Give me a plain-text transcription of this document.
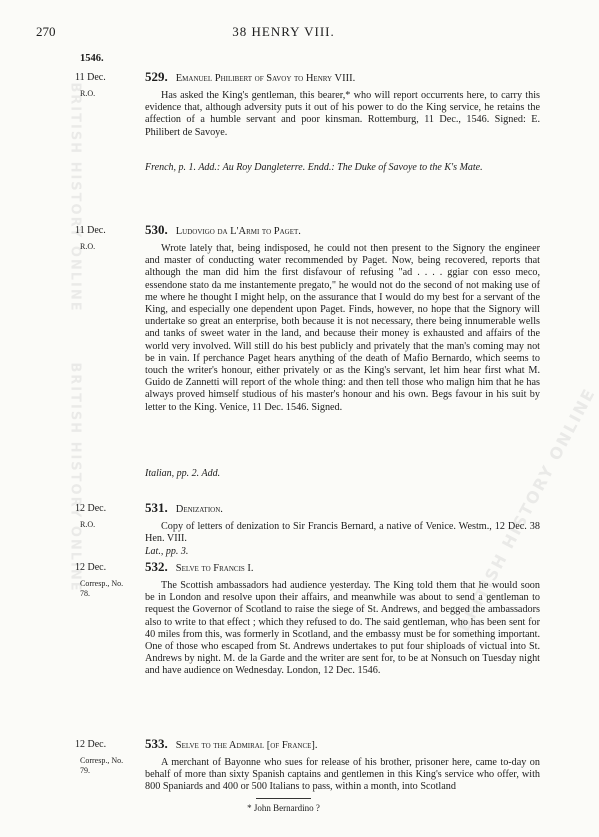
BRITISH HISTORY ONLINE
BRITISH HISTORY ONLINE	BRITISH HISTORY ONLINE
270	38 HENRY VIII.
1546.
11 Dec.
R.O.
529. Emanuel Philibert of Savoy to Henry VIII.

Has asked the King's gentleman, this bearer,* who will report occurrents here, to carry this evidence that, although adversity puts it out of his power to do the King service, he retains the affection of a humble servant and poor kinsman. Rottemburg, 11 Dec., 1546. Signed: E. Philibert de Savoye.

French, p. 1. Add.: Au Roy Dangleterre. Endd.: The Duke of Savoye to the K's Mate.

11 Dec.
R.O.
530. Ludovigo da L'Armi to Paget.

Wrote lately that, being indisposed, he could not then present to the Signory the engineer and master of conducting water recommended by Paget. Now, being recovered, reports that although the man did him the first disfavour of refusing "ad . . . . ggiar con esso meco, essendone stato da me instantemente pregato," he would not do the second of not making use of me where he thought I might help, on the assurance that I would do my best for a servant of the King, and especially one dependent upon Paget. Finds, however, no hope that the Signory will undertake so great an enterprise, both because it is not necessary, there being innumerable wells and tanks of sweet water in the land, and because their money is exhausted and affairs of the world very involved. Will still do his best publicly and privately that the man's coming may not be in vain. If perchance Paget hears anything of the death of Mafio Bernardo, which seems to touch the writer's honour, either privately or as the King's servant, let him hear first what M. Guido de Zannetti will report of the whole thing: and then tell those who malign him that he has always proved himself studious of his master's honour and his own. Begs favour in his suit by letter to the King. Venice, 11 Dec. 1546. Signed.

Italian, pp. 2. Add.

12 Dec.
R.O.
531. Denization.

Copy of letters of denization to Sir Francis Bernard, a native of Venice. Westm., 12 Dec. 38 Hen. VIII.

Lat., pp. 3.

12 Dec.
Corresp., No. 78.
532. Selve to Francis I.

The Scottish ambassadors had audience yesterday. The King told them that he would soon be in London and resolve upon their affairs, and meanwhile was about to send a gentleman to request the Governor of Scotland to raise the siege of St. Andrews, and begged the ambassadors also to write to that effect ; which they refused to do. The said gentleman, who has been sent for 40 miles from this, was formerly in Scotland, and the embassy must be for something important. One of those who escaped from St. Andrews undertakes to put four shiploads of victual into St. Andrews by night. M. de la Garde and the writer are sent for, to be at Nonsuch on Tuesday night and have audience on Wednesday. London, 12 Dec. 1546.

12 Dec.
Corresp., No. 79.
533. Selve to the Admiral [of France].

A merchant of Bayonne who sues for release of his brother, prisoner here, came to-day on behalf of more than sixty Spanish captains and gentlemen in this King's service who offer, with 800 Spaniards and 400 or 500 Italians to pass, within a month, into Scotland

* John Bernardino ?
